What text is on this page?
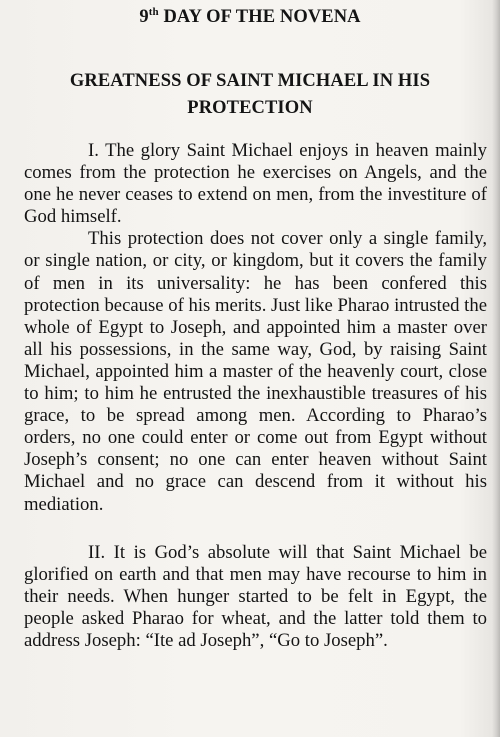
9th DAY OF THE NOVENA
GREATNESS OF SAINT MICHAEL IN HIS
PROTECTION

I. The glory Saint Michael enjoys in heaven mainly comes from the protection he exercises on Angels, and the one he never ceases to extend on men, from the investiture of God himself.

This protection does not cover only a single family, or single nation, or city, or kingdom, but it covers the family of men in its universality: he has been confered this protection because of his merits. Just like Pharao intrusted the whole of Egypt to Joseph, and appointed him a master over all his possessions, in the same way, God, by raising Saint Michael, appointed him a master of the heavenly court, close to him; to him he entrusted the inexhaustible treasures of his grace, to be spread among men. According to Pharao’s orders, no one could enter or come out from Egypt without Joseph’s consent; no one can enter heaven without Saint Michael and no grace can descend from it without his mediation.

II. It is God’s absolute will that Saint Michael be glorified on earth and that men may have recourse to him in their needs. When hunger started to be felt in Egypt, the people asked Pharao for wheat, and the latter told them to address Joseph: “Ite ad Joseph”, “Go to Joseph”.
